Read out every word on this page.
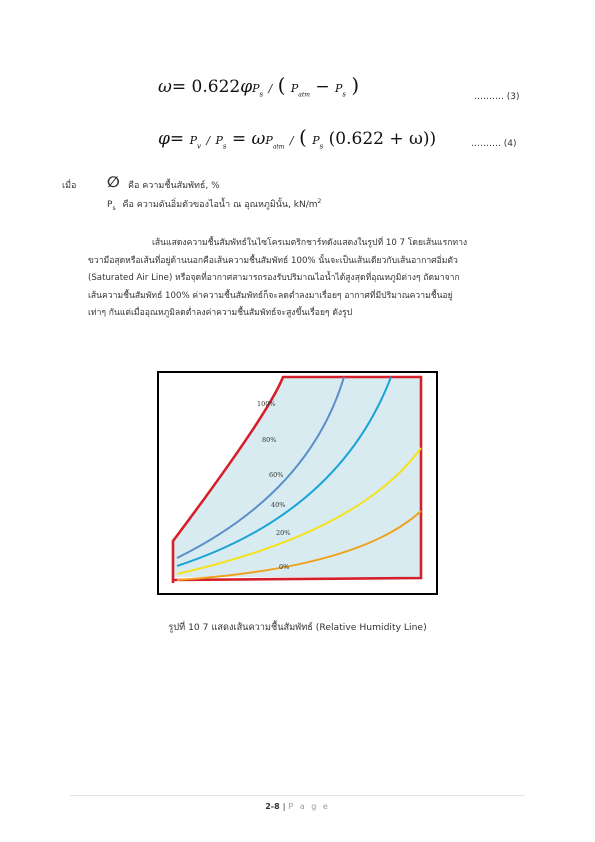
$\omega= 0.622\varphi P_s$ / ( $P_{atm} - P_s$ )	………. (3)
$\varphi= P_v / P_s = \omega P_{atm}$ / ( $P_s$ (0.622 + ω))	………. (4)
เมื่อ ∅ คือ ความชื้นสัมพัทธ์, %
$P_s$ คือ ความดันอิ่มตัวของไอน้ำ ณ อุณหภูมินั้น, $kN/m^2$
เส้นแสดงความชื้นสัมพัทธ์ในไซโครเมตริกชาร์ทดังแสดงในรูปที่ 10 7 โดยเส้นแรกทาง
ขวามือสุดหรือเส้นที่อยู่ด้านนอกคือเส้นความชื้นสัมพัทธ์ 100% นั้นจะเป็นเส้นเดียวกับเส้นอากาศอิ่มตัว
(Saturated Air Line) หรือจุดที่อากาศสามารถรองรับปริมาณไอน้ำได้สูงสุดที่อุณหภูมิต่างๆ ถัดมาจาก
เส้นความชื้นสัมพัทธ์ 100% ค่าความชื้นสัมพัทธ์ก็จะลดต่ำลงมาเรื่อยๆ อากาศที่มีปริมาณความชื้นอยู่
เท่าๆ กันแต่เมื่ออุณหภูมิลดต่ำลงค่าความชื้นสัมพัทธ์จะสูงขึ้นเรื่อยๆ ดังรูป
100%
80%
60%
40%
20%
0%
รูปที่ 10 7 แสดงเส้นความชื้นสัมพัทธ์ (Relative Humidity Line)
2-8 | P a g e
